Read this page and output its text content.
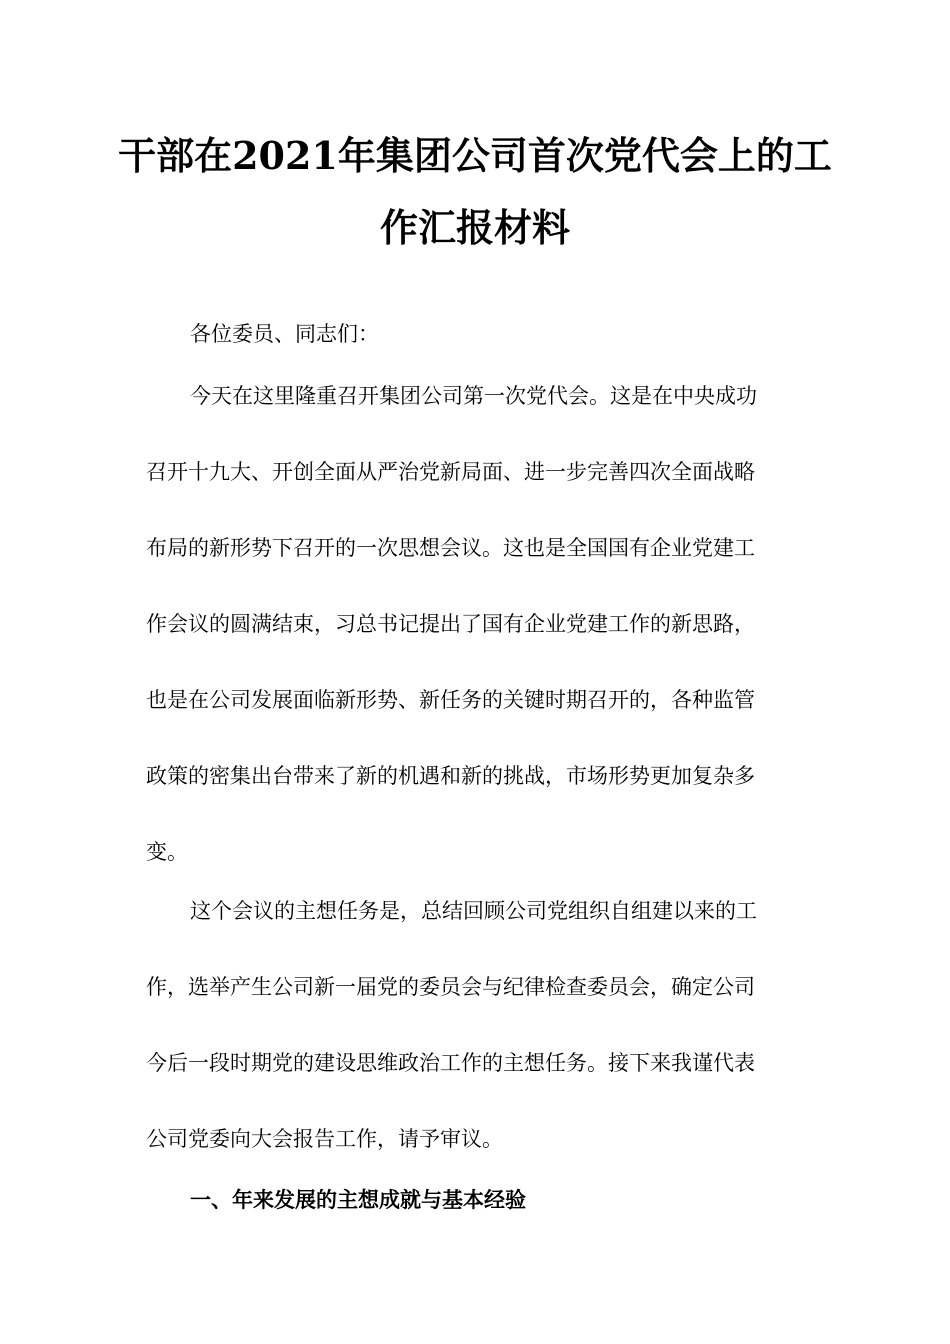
干部在2021年集团公司首次党代会上的工
作汇报材料

各位委员、同志们：

今天在这里隆重召开集团公司第一次党代会。这是在中央成功

召开十九大、开创全面从严治党新局面、进一步完善四次全面战略

布局的新形势下召开的一次思想会议。这也是全国国有企业党建工

作会议的圆满结束，习总书记提出了国有企业党建工作的新思路，

也是在公司发展面临新形势、新任务的关键时期召开的，各种监管

政策的密集出台带来了新的机遇和新的挑战，市场形势更加复杂多

变。

这个会议的主想任务是，总结回顾公司党组织自组建以来的工

作，选举产生公司新一届党的委员会与纪律检查委员会，确定公司

今后一段时期党的建设思维政治工作的主想任务。接下来我谨代表

公司党委向大会报告工作，请予审议。

一、年来发展的主想成就与基本经验
